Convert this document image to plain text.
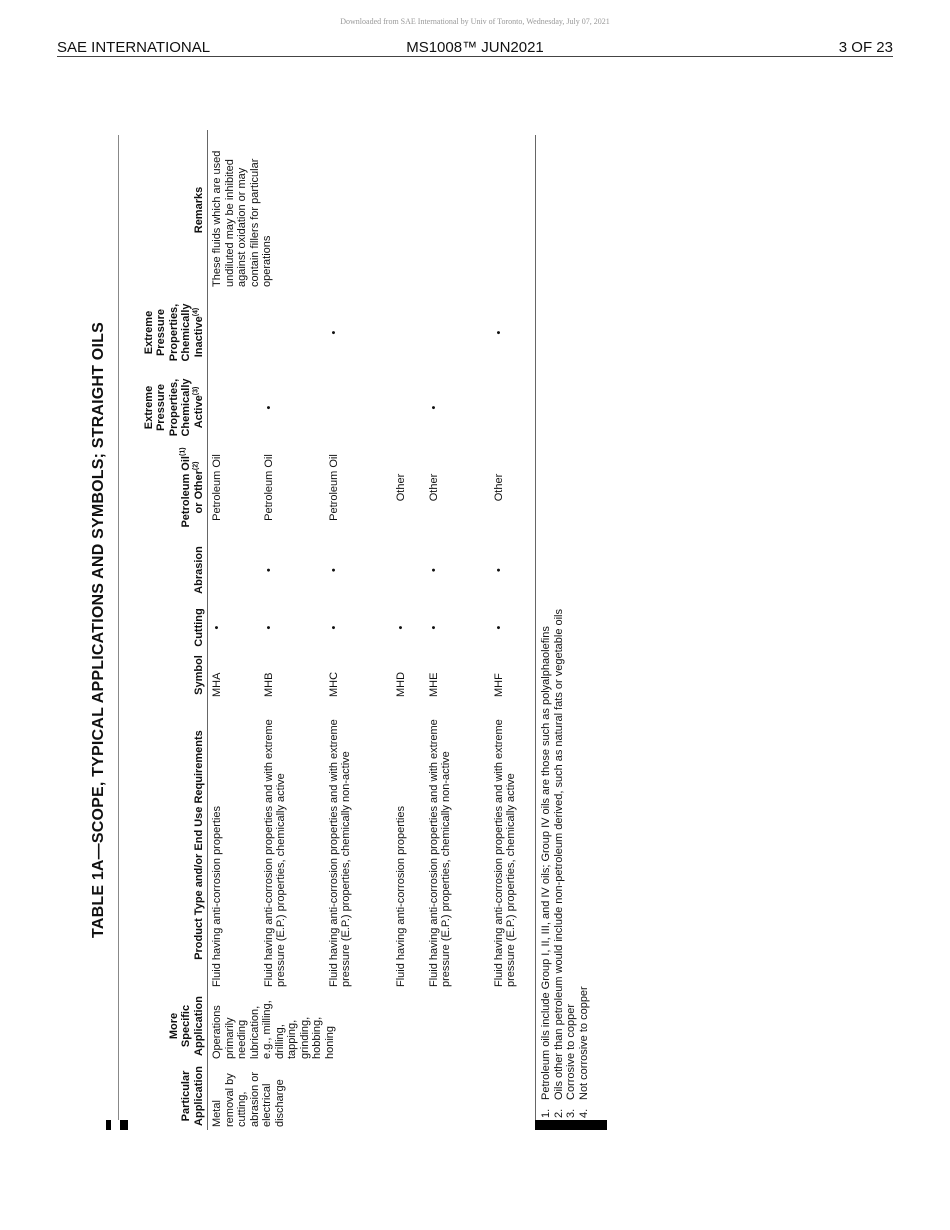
Downloaded from SAE International by Univ of Toronto, Wednesday, July 07, 2021
SAE INTERNATIONAL	MS1008™ JUN2021	3 OF 23
TABLE 1A—SCOPE, TYPICAL APPLICATIONS AND SYMBOLS; STRAIGHT OILS
Particular Application	More Specific Application	Product Type and/or End Use Requirements	Symbol	Cutting	Abrasion	Petroleum Oil$^{(1)}$ or Other$^{(2)}$	Extreme Pressure Properties, Chemically Active$^{(3)}$	Extreme Pressure Properties, Chemically Inactive$^{(4)}$	Remarks
Metal removal by cutting, abrasion or electrical discharge	Operations primarily needing lubrication, e.g., milling, drilling, tapping, grinding, hobbing, honing	Fluid having anti-corrosion properties	MHA	•		Petroleum Oil			These fluids which are used undiluted may be inhibited against oxidation or may contain fillers for particular operations
		Fluid having anti-corrosion properties and with extreme pressure (E.P.) properties, chemically active	MHB	•	•	Petroleum Oil	•		
		Fluid having anti-corrosion properties and with extreme pressure (E.P.) properties, chemically non-active	MHC	•	•	Petroleum Oil		•	
		Fluid having anti-corrosion properties	MHD	•		Other			
		Fluid having anti-corrosion properties and with extreme pressure (E.P.) properties, chemically non-active	MHE	•	•	Other	•		
		Fluid having anti-corrosion properties and with extreme pressure (E.P.) properties, chemically active	MHF	•	•	Other		•	
1.Petroleum oils include Group I, II, III, and IV oils; Group IV oils are those such as polyalphaolefins
2.Oils other than petroleum would include non-petroleum derived, such as natural fats or vegetable oils
3.Corrosive to copper
4.Not corrosive to copper
